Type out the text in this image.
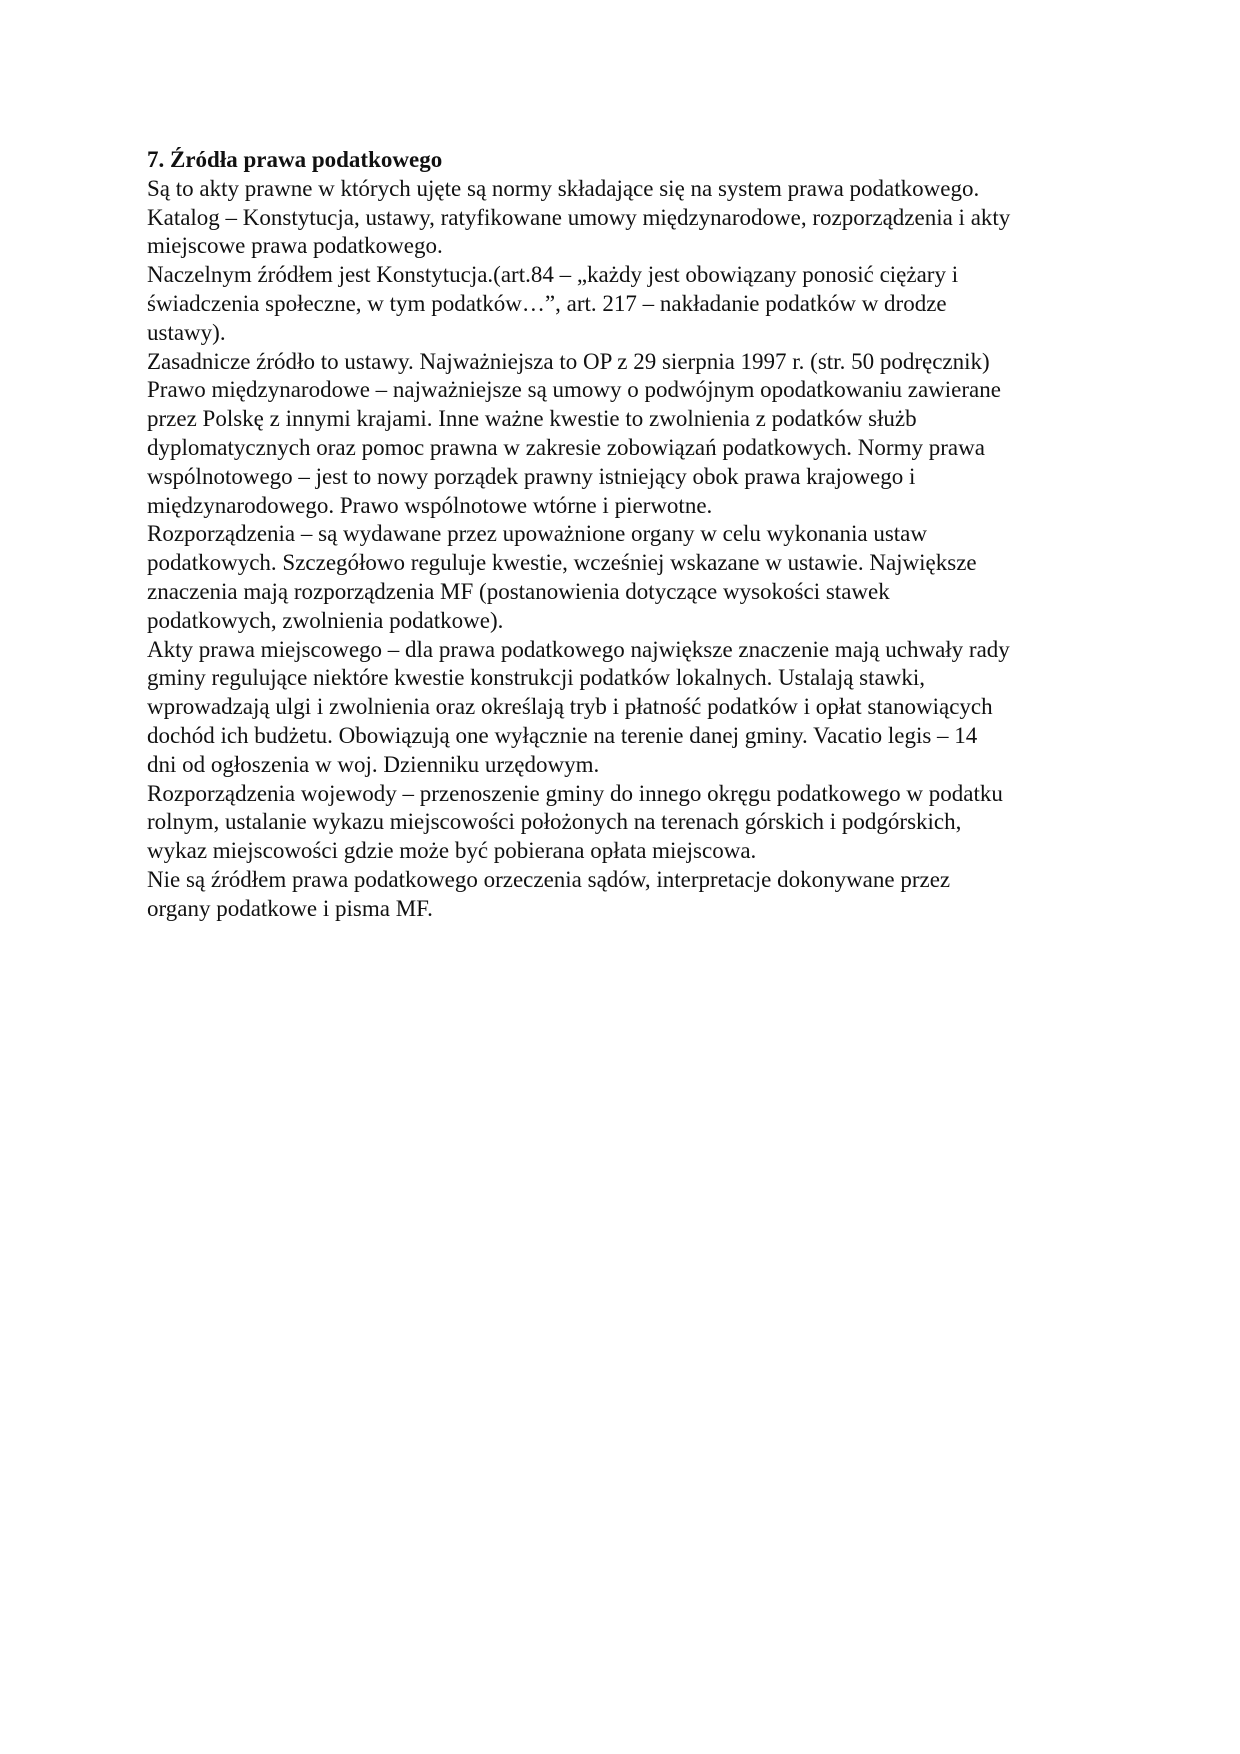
7. Źródła prawa podatkowego
Są to akty prawne w których ujęte są normy składające się na system prawa podatkowego.
Katalog – Konstytucja, ustawy, ratyfikowane umowy międzynarodowe, rozporządzenia i akty
miejscowe prawa podatkowego.
Naczelnym źródłem jest Konstytucja.(art.84 – „każdy jest obowiązany ponosić ciężary i
świadczenia społeczne, w tym podatków…”, art. 217 – nakładanie podatków w drodze
ustawy).
Zasadnicze źródło to ustawy. Najważniejsza to OP z 29 sierpnia 1997 r. (str. 50 podręcznik)
Prawo międzynarodowe – najważniejsze są umowy o podwójnym opodatkowaniu zawierane
przez Polskę z innymi krajami. Inne ważne kwestie to zwolnienia z podatków służb
dyplomatycznych oraz pomoc prawna w zakresie zobowiązań podatkowych. Normy prawa
wspólnotowego – jest to nowy porządek prawny istniejący obok prawa krajowego i
międzynarodowego. Prawo wspólnotowe wtórne i pierwotne.
Rozporządzenia – są wydawane przez upoważnione organy w celu wykonania ustaw
podatkowych. Szczegółowo reguluje kwestie, wcześniej wskazane w ustawie. Największe
znaczenia mają rozporządzenia MF (postanowienia dotyczące wysokości stawek
podatkowych, zwolnienia podatkowe).
Akty prawa miejscowego – dla prawa podatkowego największe znaczenie mają uchwały rady
gminy regulujące niektóre kwestie konstrukcji podatków lokalnych. Ustalają stawki,
wprowadzają ulgi i zwolnienia oraz określają tryb i płatność podatków i opłat stanowiących
dochód ich budżetu. Obowiązują one wyłącznie na terenie danej gminy. Vacatio legis – 14
dni od ogłoszenia w woj. Dzienniku urzędowym.
Rozporządzenia wojewody – przenoszenie gminy do innego okręgu podatkowego w podatku
rolnym, ustalanie wykazu miejscowości położonych na terenach górskich i podgórskich,
wykaz miejscowości gdzie może być pobierana opłata miejscowa.
Nie są źródłem prawa podatkowego orzeczenia sądów, interpretacje dokonywane przez
organy podatkowe i pisma MF.
